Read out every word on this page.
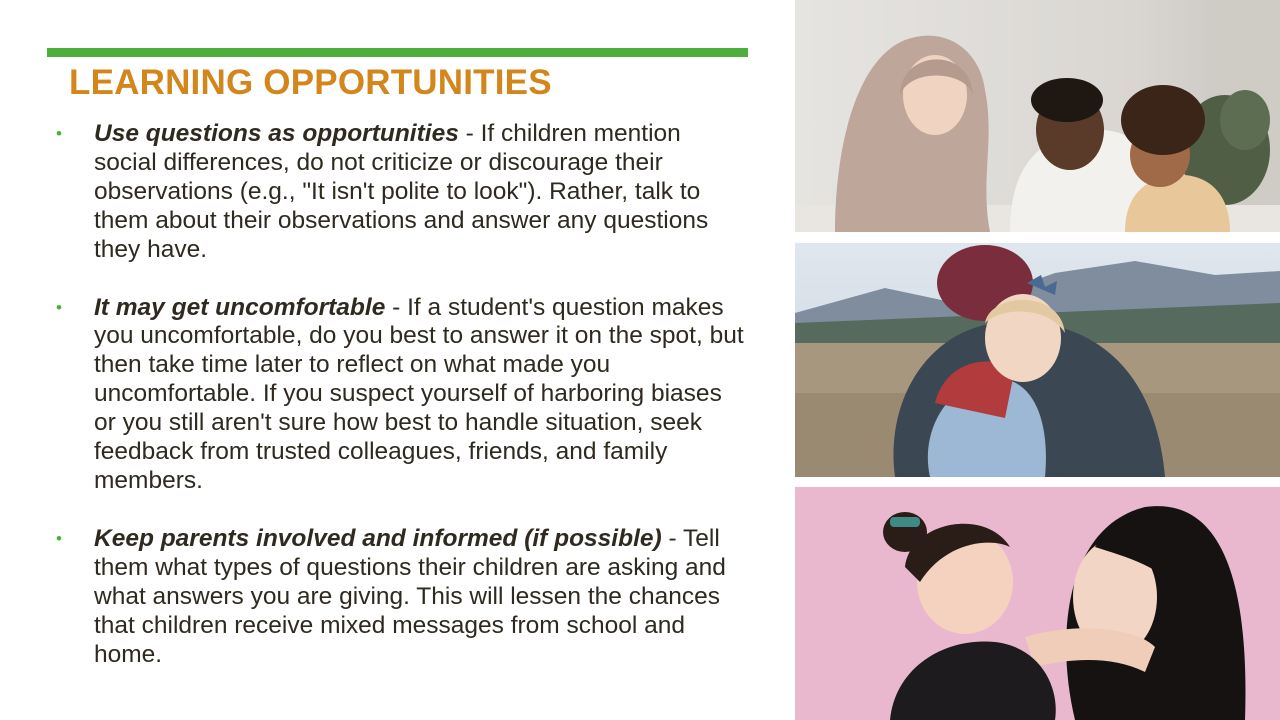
LEARNING OPPORTUNITIES
• Use questions as opportunities - If children mention social differences, do not criticize or discourage their observations (e.g., "It isn't polite to look"). Rather, talk to them about their observations and answer any questions they have.
• It may get uncomfortable - If a student's question makes you uncomfortable, do you best to answer it on the spot, but then take time later to reflect on what made you uncomfortable. If you suspect yourself of harboring biases or you still aren't sure how best to handle situation, seek feedback from trusted colleagues, friends, and family members.
• Keep parents involved and informed (if possible) - Tell them what types of questions their children are asking and what answers you are giving. This will lessen the chances that children receive mixed messages from school and home.
